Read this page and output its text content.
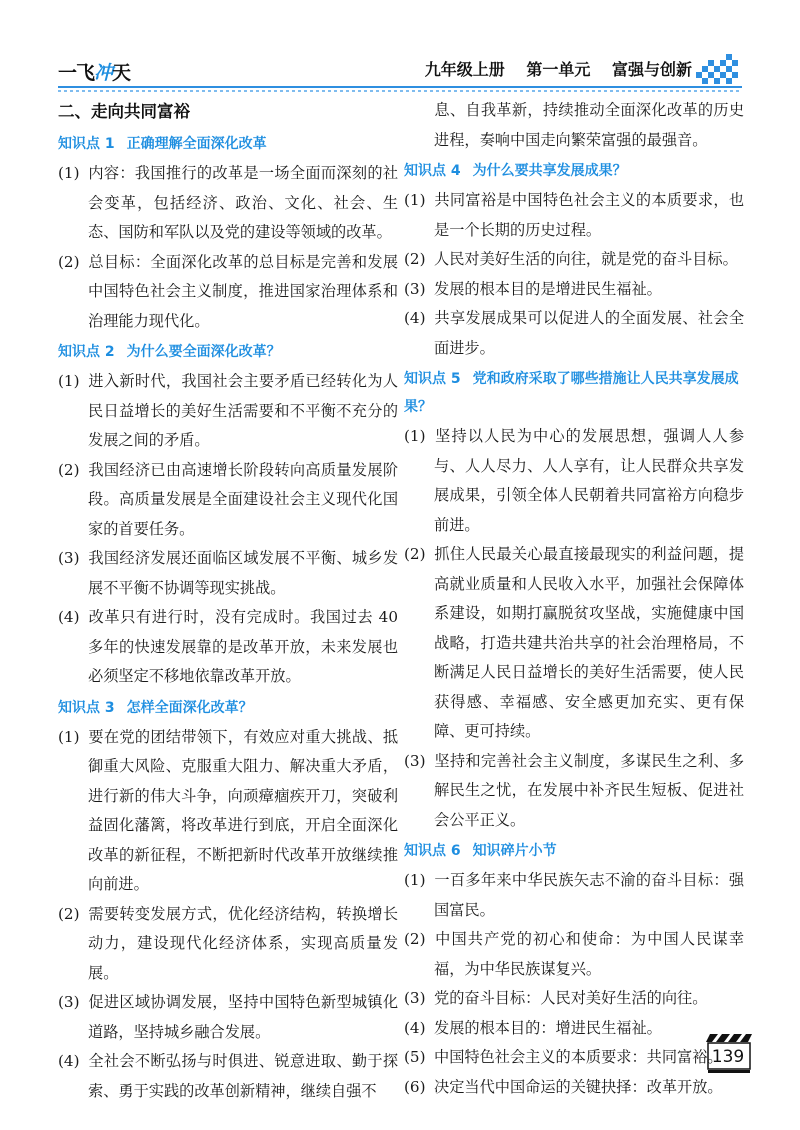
一飞冲天	九年级上册 第一单元 富强与创新
二、走向共同富裕
知识点 1 正确理解全面深化改革

(1) 内容：我国推行的改革是一场全面而深刻的社会变革，包括经济、政治、文化、社会、生态、国防和军队以及党的建设等领域的改革。

(2) 总目标：全面深化改革的总目标是完善和发展中国特色社会主义制度，推进国家治理体系和治理能力现代化。

知识点 2 为什么要全面深化改革？

(1) 进入新时代，我国社会主要矛盾已经转化为人民日益增长的美好生活需要和不平衡不充分的发展之间的矛盾。

(2) 我国经济已由高速增长阶段转向高质量发展阶段。高质量发展是全面建设社会主义现代化国家的首要任务。

(3) 我国经济发展还面临区域发展不平衡、城乡发展不平衡不协调等现实挑战。

(4) 改革只有进行时，没有完成时。我国过去 40 多年的快速发展靠的是改革开放，未来发展也必须坚定不移地依靠改革开放。

知识点 3 怎样全面深化改革？

(1) 要在党的团结带领下，有效应对重大挑战、抵御重大风险、克服重大阻力、解决重大矛盾，进行新的伟大斗争，向顽瘴痼疾开刀，突破利益固化藩篱，将改革进行到底，开启全面深化改革的新征程，不断把新时代改革开放继续推向前进。

(2) 需要转变发展方式，优化经济结构，转换增长动力，建设现代化经济体系，实现高质量发展。

(3) 促进区域协调发展，坚持中国特色新型城镇化道路，坚持城乡融合发展。

(4) 全社会不断弘扬与时俱进、锐意进取、勤于探索、勇于实践的改革创新精神，继续自强不

息、自我革新，持续推动全面深化改革的历史进程，奏响中国走向繁荣富强的最强音。

知识点 4 为什么要共享发展成果？

(1) 共同富裕是中国特色社会主义的本质要求，也是一个长期的历史过程。

(2) 人民对美好生活的向往，就是党的奋斗目标。

(3) 发展的根本目的是增进民生福祉。

(4) 共享发展成果可以促进人的全面发展、社会全面进步。

知识点 5 党和政府采取了哪些措施让人民共享发展成果？

(1) 坚持以人民为中心的发展思想，强调人人参与、人人尽力、人人享有，让人民群众共享发展成果，引领全体人民朝着共同富裕方向稳步前进。

(2) 抓住人民最关心最直接最现实的利益问题，提高就业质量和人民收入水平，加强社会保障体系建设，如期打赢脱贫攻坚战，实施健康中国战略，打造共建共治共享的社会治理格局，不断满足人民日益增长的美好生活需要，使人民获得感、幸福感、安全感更加充实、更有保障、更可持续。

(3) 坚持和完善社会主义制度，多谋民生之利、多解民生之忧，在发展中补齐民生短板、促进社会公平正义。

知识点 6 知识碎片小节

(1) 一百多年来中华民族矢志不渝的奋斗目标：强国富民。

(2) 中国共产党的初心和使命：为中国人民谋幸福，为中华民族谋复兴。

(3) 党的奋斗目标：人民对美好生活的向往。

(4) 发展的根本目的：增进民生福祉。

(5) 中国特色社会主义的本质要求：共同富裕。

(6) 决定当代中国命运的关键抉择：改革开放。

139
